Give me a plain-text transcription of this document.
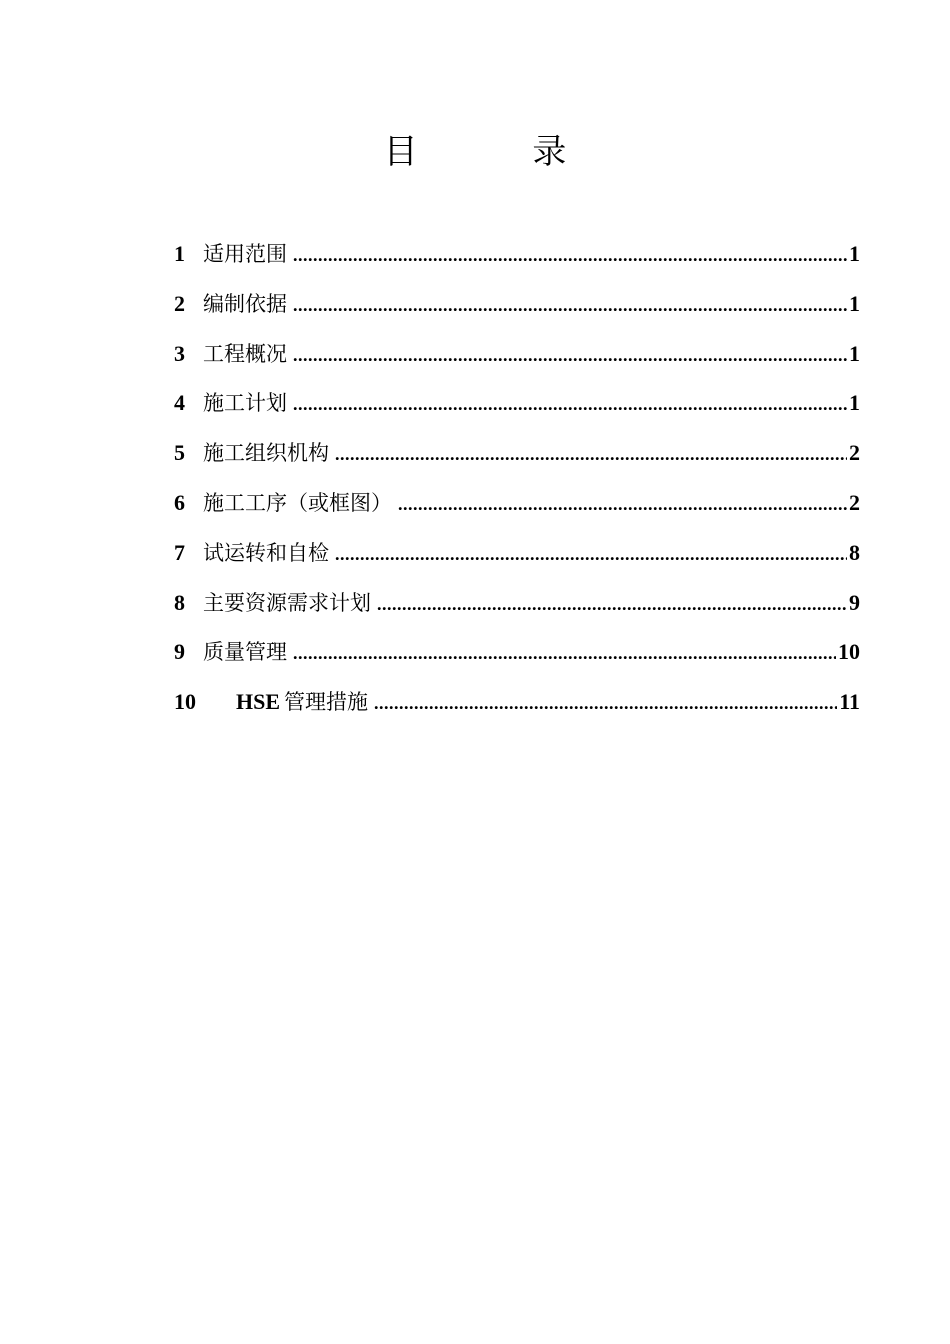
目 录
1 适用范围 .....	1
2 编制依据 .....	1
3 工程概况 .....	1
4 施工计划 .....	1
5 施工组织机构 .....	2
6 施工工序（或框图） .....	2
7 试运转和自检 .....	8
8 主要资源需求计划 .....	9
9 质量管理 .....	10
10	HSE 管理措施 .....	11
